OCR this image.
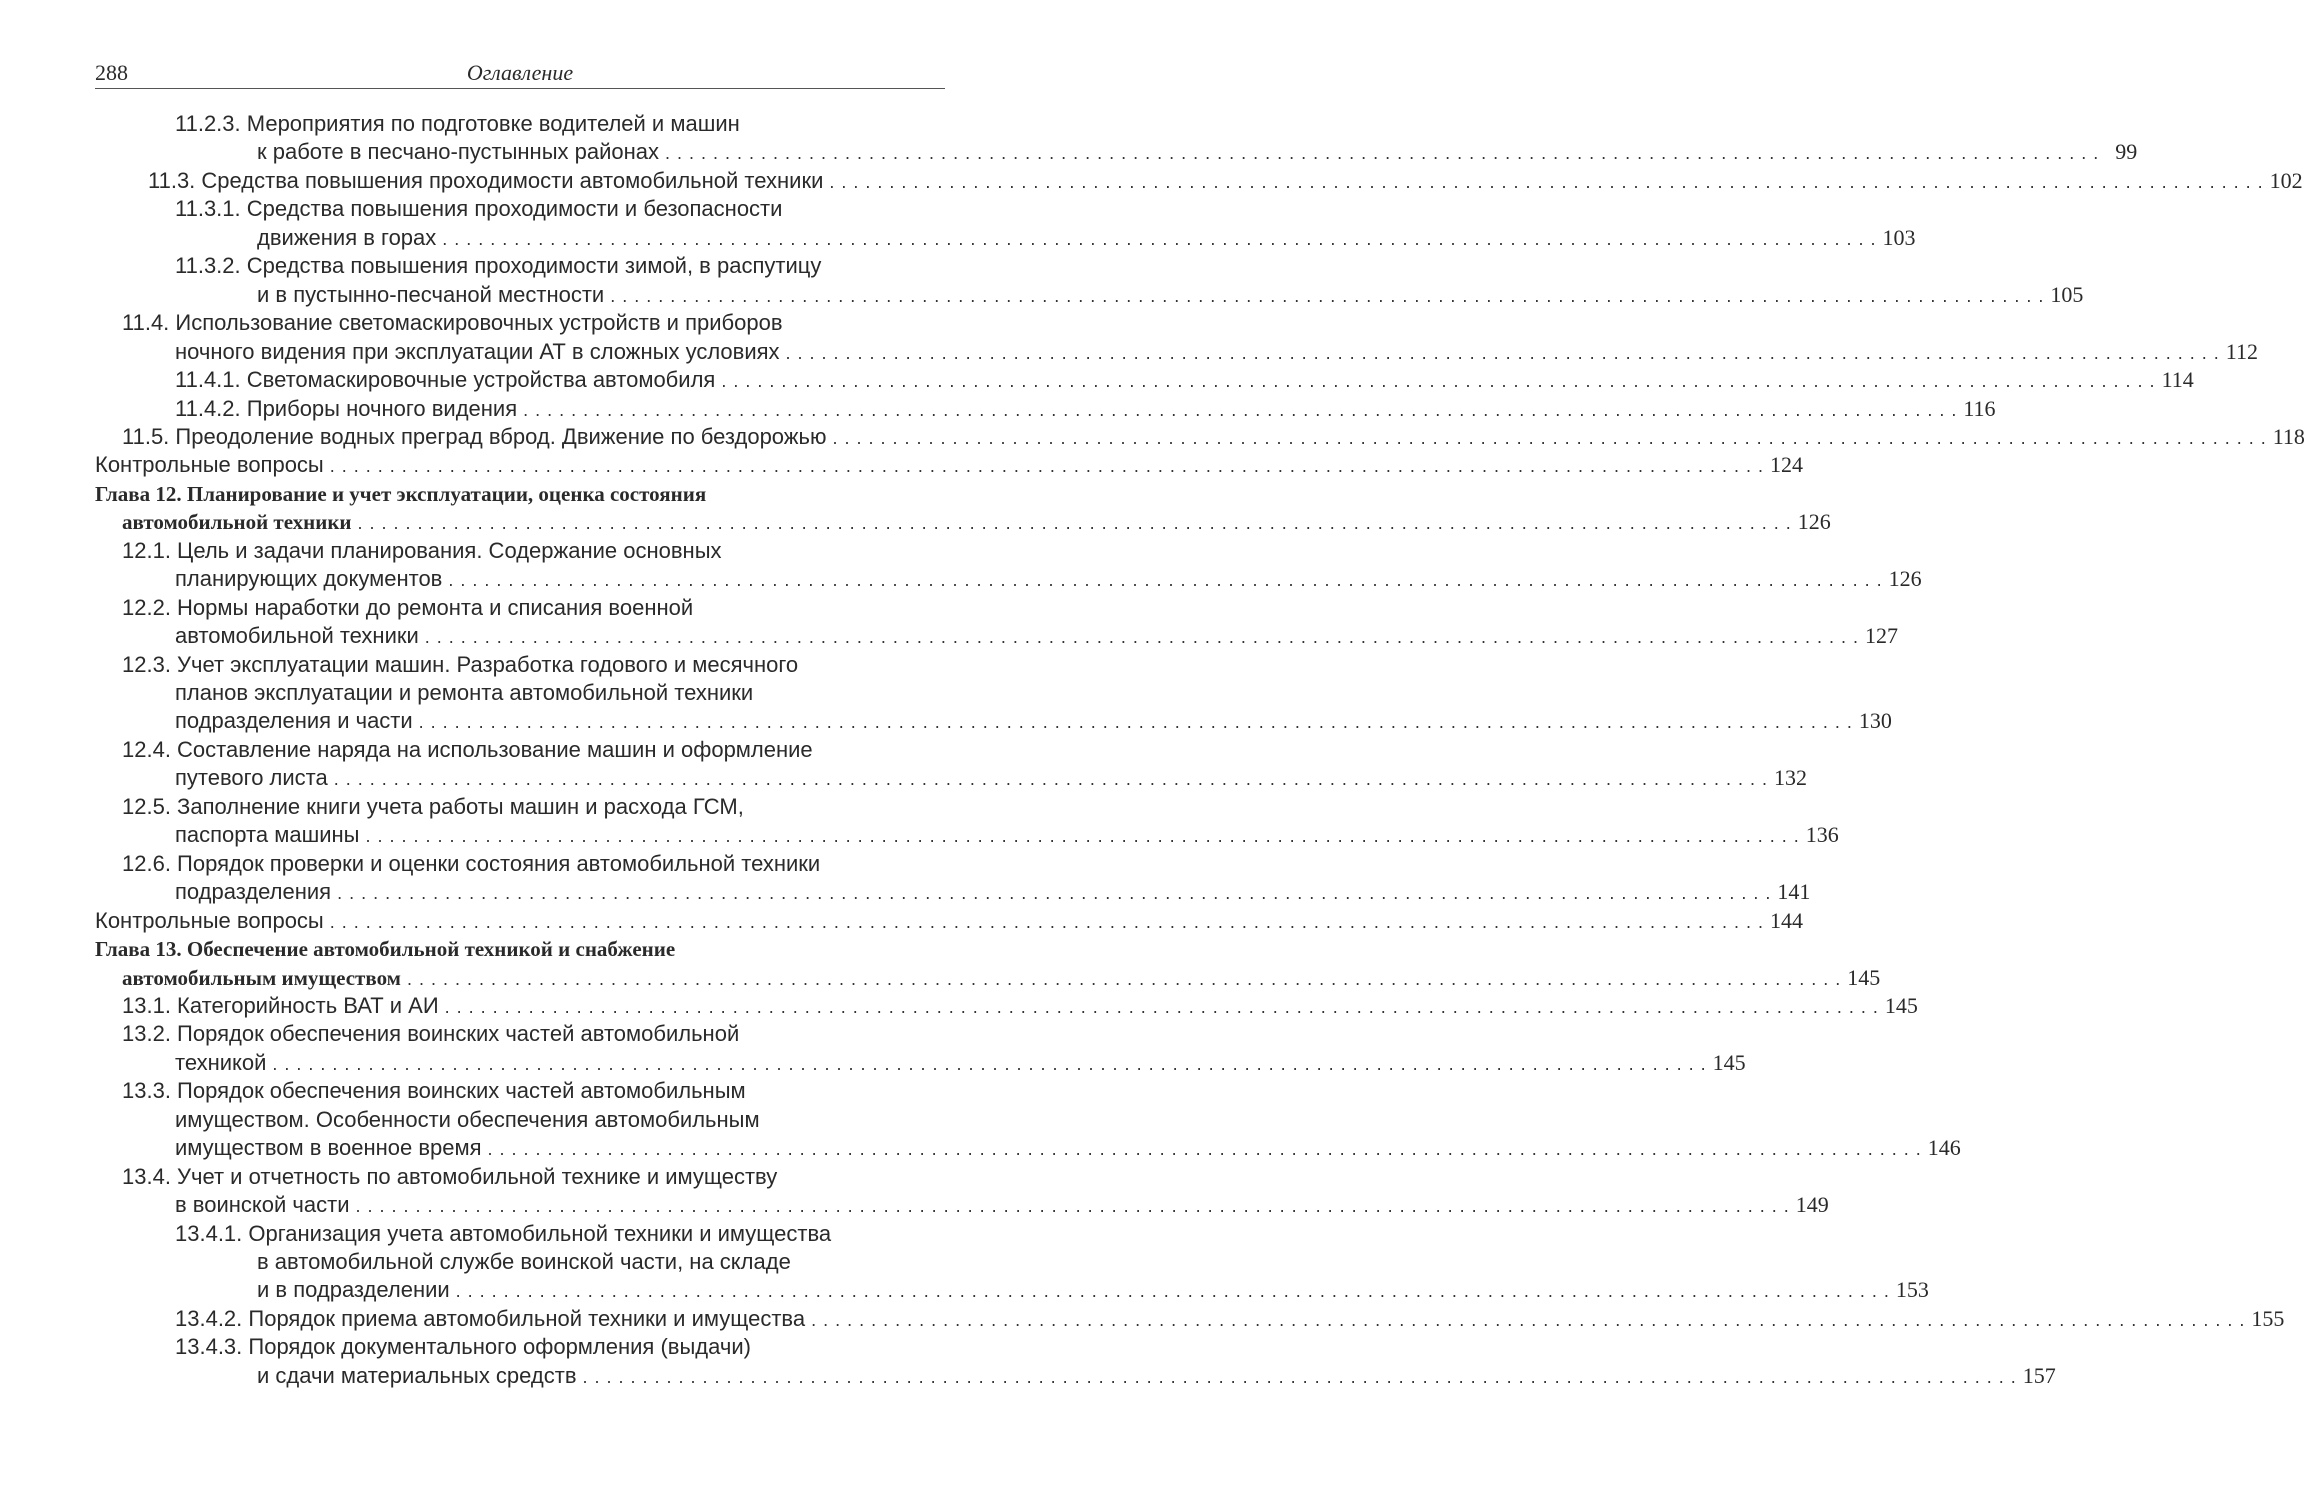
288	Оглавление
11.2.3. Мероприятия по подготовке водителей и машин
к работе в песчано-пустынных районах . . . . . . . . . . . . . . . . . . . . . . . . . . . . . . . . . . . . . . . . . . . . . . . . . . . . . . . . . . . . . . . . . . . . . . . . . . . . . . . . . . . . . . . . . . . . . . . . . . . . . . . . . . . . . . . . . . . . . . . . 99
11.3. Средства повышения проходимости автомобильной техники . . . . . . . . . . . . . . . . . . . . . . . . . . . . . . . . . . . . . . . . . . . . . . . . . . . . . . . . . . . . . . . . . . . . . . . . . . . . . . . . . . . . . . . . . . . . . . . . . . . . . . . . . . . . . . . . . . . . . . . . 102
11.3.1. Средства повышения проходимости и безопасности
движения в горах . . . . . . . . . . . . . . . . . . . . . . . . . . . . . . . . . . . . . . . . . . . . . . . . . . . . . . . . . . . . . . . . . . . . . . . . . . . . . . . . . . . . . . . . . . . . . . . . . . . . . . . . . . . . . . . . . . . . . . . . 103
11.3.2. Средства повышения проходимости зимой, в распутицу
и в пустынно-песчаной местности . . . . . . . . . . . . . . . . . . . . . . . . . . . . . . . . . . . . . . . . . . . . . . . . . . . . . . . . . . . . . . . . . . . . . . . . . . . . . . . . . . . . . . . . . . . . . . . . . . . . . . . . . . . . . . . . . . . . . . . . 105
11.4. Использование светомаскировочных устройств и приборов
ночного видения при эксплуатации АТ в сложных условиях . . . . . . . . . . . . . . . . . . . . . . . . . . . . . . . . . . . . . . . . . . . . . . . . . . . . . . . . . . . . . . . . . . . . . . . . . . . . . . . . . . . . . . . . . . . . . . . . . . . . . . . . . . . . . . . . . . . . . . . . 112
11.4.1. Светомаскировочные устройства автомобиля . . . . . . . . . . . . . . . . . . . . . . . . . . . . . . . . . . . . . . . . . . . . . . . . . . . . . . . . . . . . . . . . . . . . . . . . . . . . . . . . . . . . . . . . . . . . . . . . . . . . . . . . . . . . . . . . . . . . . . . . 114
11.4.2. Приборы ночного видения . . . . . . . . . . . . . . . . . . . . . . . . . . . . . . . . . . . . . . . . . . . . . . . . . . . . . . . . . . . . . . . . . . . . . . . . . . . . . . . . . . . . . . . . . . . . . . . . . . . . . . . . . . . . . . . . . . . . . . . . 116
11.5. Преодоление водных преград вброд. Движение по бездорожью . . . . . . . . . . . . . . . . . . . . . . . . . . . . . . . . . . . . . . . . . . . . . . . . . . . . . . . . . . . . . . . . . . . . . . . . . . . . . . . . . . . . . . . . . . . . . . . . . . . . . . . . . . . . . . . . . . . . . . . . 118
Контрольные вопросы . . . . . . . . . . . . . . . . . . . . . . . . . . . . . . . . . . . . . . . . . . . . . . . . . . . . . . . . . . . . . . . . . . . . . . . . . . . . . . . . . . . . . . . . . . . . . . . . . . . . . . . . . . . . . . . . . . . . . . . . 124
Глава 12. Планирование и учет эксплуатации, оценка состояния
автомобильной техники . . . . . . . . . . . . . . . . . . . . . . . . . . . . . . . . . . . . . . . . . . . . . . . . . . . . . . . . . . . . . . . . . . . . . . . . . . . . . . . . . . . . . . . . . . . . . . . . . . . . . . . . . . . . . . . . . . . . . . . . 126
12.1. Цель и задачи планирования. Содержание основных
планирующих документов . . . . . . . . . . . . . . . . . . . . . . . . . . . . . . . . . . . . . . . . . . . . . . . . . . . . . . . . . . . . . . . . . . . . . . . . . . . . . . . . . . . . . . . . . . . . . . . . . . . . . . . . . . . . . . . . . . . . . . . . 126
12.2. Нормы наработки до ремонта и списания военной
автомобильной техники . . . . . . . . . . . . . . . . . . . . . . . . . . . . . . . . . . . . . . . . . . . . . . . . . . . . . . . . . . . . . . . . . . . . . . . . . . . . . . . . . . . . . . . . . . . . . . . . . . . . . . . . . . . . . . . . . . . . . . . . 127
12.3. Учет эксплуатации машин. Разработка годового и месячного
планов эксплуатации и ремонта автомобильной техники
подразделения и части . . . . . . . . . . . . . . . . . . . . . . . . . . . . . . . . . . . . . . . . . . . . . . . . . . . . . . . . . . . . . . . . . . . . . . . . . . . . . . . . . . . . . . . . . . . . . . . . . . . . . . . . . . . . . . . . . . . . . . . . 130
12.4. Составление наряда на использование машин и оформление
путевого листа . . . . . . . . . . . . . . . . . . . . . . . . . . . . . . . . . . . . . . . . . . . . . . . . . . . . . . . . . . . . . . . . . . . . . . . . . . . . . . . . . . . . . . . . . . . . . . . . . . . . . . . . . . . . . . . . . . . . . . . . 132
12.5. Заполнение книги учета работы машин и расхода ГСМ,
паспорта машины . . . . . . . . . . . . . . . . . . . . . . . . . . . . . . . . . . . . . . . . . . . . . . . . . . . . . . . . . . . . . . . . . . . . . . . . . . . . . . . . . . . . . . . . . . . . . . . . . . . . . . . . . . . . . . . . . . . . . . . . 136
12.6. Порядок проверки и оценки состояния автомобильной техники
подразделения . . . . . . . . . . . . . . . . . . . . . . . . . . . . . . . . . . . . . . . . . . . . . . . . . . . . . . . . . . . . . . . . . . . . . . . . . . . . . . . . . . . . . . . . . . . . . . . . . . . . . . . . . . . . . . . . . . . . . . . . 141
Контрольные вопросы . . . . . . . . . . . . . . . . . . . . . . . . . . . . . . . . . . . . . . . . . . . . . . . . . . . . . . . . . . . . . . . . . . . . . . . . . . . . . . . . . . . . . . . . . . . . . . . . . . . . . . . . . . . . . . . . . . . . . . . . 144
Глава 13. Обеспечение автомобильной техникой и снабжение
автомобильным имуществом . . . . . . . . . . . . . . . . . . . . . . . . . . . . . . . . . . . . . . . . . . . . . . . . . . . . . . . . . . . . . . . . . . . . . . . . . . . . . . . . . . . . . . . . . . . . . . . . . . . . . . . . . . . . . . . . . . . . . . . . 145
13.1. Категорийность ВАТ и АИ . . . . . . . . . . . . . . . . . . . . . . . . . . . . . . . . . . . . . . . . . . . . . . . . . . . . . . . . . . . . . . . . . . . . . . . . . . . . . . . . . . . . . . . . . . . . . . . . . . . . . . . . . . . . . . . . . . . . . . . . 145
13.2. Порядок обеспечения воинских частей автомобильной
техникой . . . . . . . . . . . . . . . . . . . . . . . . . . . . . . . . . . . . . . . . . . . . . . . . . . . . . . . . . . . . . . . . . . . . . . . . . . . . . . . . . . . . . . . . . . . . . . . . . . . . . . . . . . . . . . . . . . . . . . . . 145
13.3. Порядок обеспечения воинских частей автомобильным
имуществом. Особенности обеспечения автомобильным
имуществом в военное время . . . . . . . . . . . . . . . . . . . . . . . . . . . . . . . . . . . . . . . . . . . . . . . . . . . . . . . . . . . . . . . . . . . . . . . . . . . . . . . . . . . . . . . . . . . . . . . . . . . . . . . . . . . . . . . . . . . . . . . . 146
13.4. Учет и отчетность по автомобильной технике и имуществу
в воинской части . . . . . . . . . . . . . . . . . . . . . . . . . . . . . . . . . . . . . . . . . . . . . . . . . . . . . . . . . . . . . . . . . . . . . . . . . . . . . . . . . . . . . . . . . . . . . . . . . . . . . . . . . . . . . . . . . . . . . . . . 149
13.4.1. Организация учета автомобильной техники и имущества
в автомобильной службе воинской части, на складе
и в подразделении . . . . . . . . . . . . . . . . . . . . . . . . . . . . . . . . . . . . . . . . . . . . . . . . . . . . . . . . . . . . . . . . . . . . . . . . . . . . . . . . . . . . . . . . . . . . . . . . . . . . . . . . . . . . . . . . . . . . . . . . 153
13.4.2. Порядок приема автомобильной техники и имущества . . . . . . . . . . . . . . . . . . . . . . . . . . . . . . . . . . . . . . . . . . . . . . . . . . . . . . . . . . . . . . . . . . . . . . . . . . . . . . . . . . . . . . . . . . . . . . . . . . . . . . . . . . . . . . . . . . . . . . . . 155
13.4.3. Порядок документального оформления (выдачи)
и сдачи материальных средств . . . . . . . . . . . . . . . . . . . . . . . . . . . . . . . . . . . . . . . . . . . . . . . . . . . . . . . . . . . . . . . . . . . . . . . . . . . . . . . . . . . . . . . . . . . . . . . . . . . . . . . . . . . . . . . . . . . . . . . . 157
